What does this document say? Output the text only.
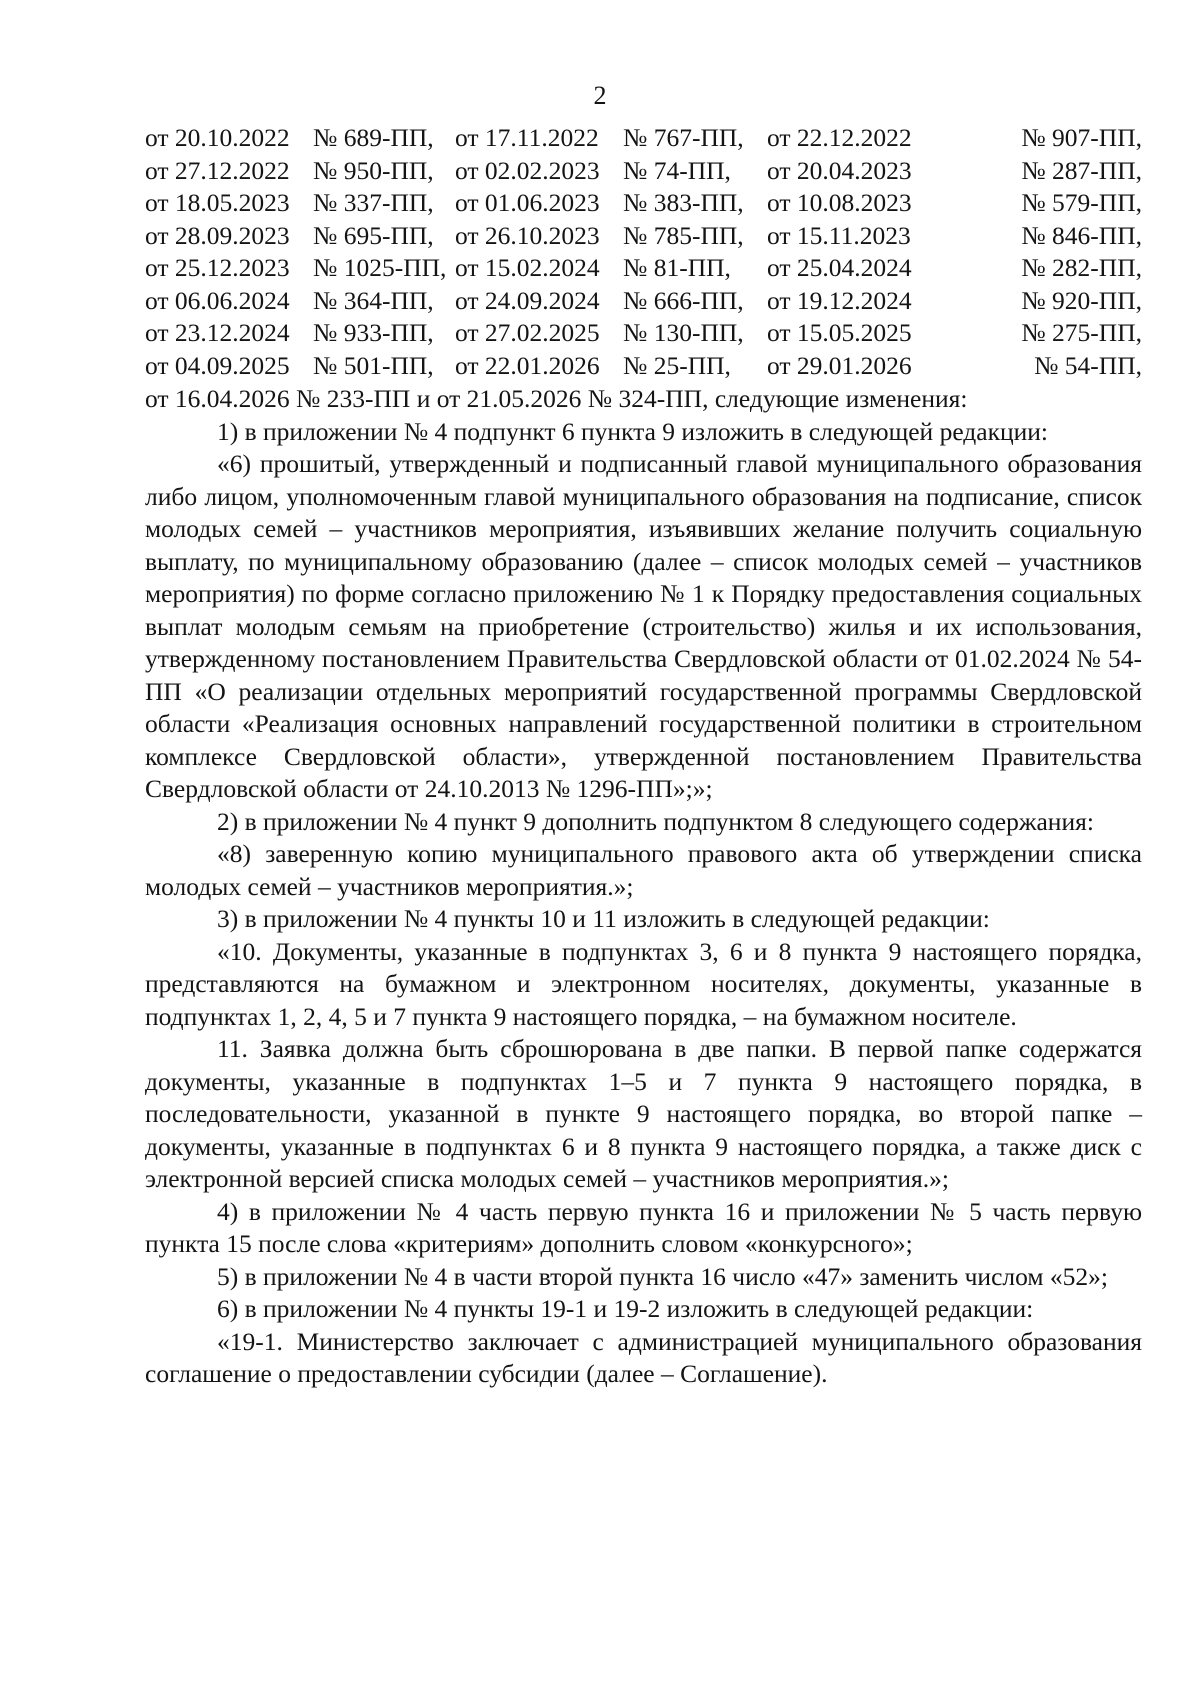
2
от 20.10.2022 № 689-ПП, от 17.11.2022 № 767-ПП, от 22.12.2022	№ 907-ПП,
от 27.12.2022 № 950-ПП, от 02.02.2023 № 74-ПП, от 20.04.2023	№ 287-ПП,
от 18.05.2023 № 337-ПП, от 01.06.2023 № 383-ПП, от 10.08.2023	№ 579-ПП,
от 28.09.2023 № 695-ПП, от 26.10.2023 № 785-ПП, от 15.11.2023	№ 846-ПП,
от 25.12.2023 № 1025-ПП, от 15.02.2024 № 81-ПП, от 25.04.2024	№ 282-ПП,
от 06.06.2024 № 364-ПП, от 24.09.2024 № 666-ПП, от 19.12.2024	№ 920-ПП,
от 23.12.2024 № 933-ПП, от 27.02.2025 № 130-ПП, от 15.05.2025	№ 275-ПП,
от 04.09.2025 № 501-ПП, от 22.01.2026 № 25-ПП, от 29.01.2026	№ 54-ПП,

от 16.04.2026 № 233-ПП и от 21.05.2026 № 324-ПП, следующие изменения:

1) в приложении № 4 подпункт 6 пункта 9 изложить в следующей редакции:

«6) прошитый, утвержденный и подписанный главой муниципального образования либо лицом, уполномоченным главой муниципального образования на подписание, список молодых семей – участников мероприятия, изъявивших желание получить социальную выплату, по муниципальному образованию (далее – список молодых семей – участников мероприятия) по форме согласно приложению № 1 к Порядку предоставления социальных выплат молодым семьям на приобретение (строительство) жилья и их использования, утвержденному постановлением Правительства Свердловской области от 01.02.2024 № 54-ПП «О реализации отдельных мероприятий государственной программы Свердловской области «Реализация основных направлений государственной политики в строительном комплексе Свердловской области», утвержденной постановлением Правительства Свердловской области от 24.10.2013 № 1296-ПП»;»;

2) в приложении № 4 пункт 9 дополнить подпунктом 8 следующего содержания:

«8) заверенную копию муниципального правового акта об утверждении списка молодых семей – участников мероприятия.»;

3) в приложении № 4 пункты 10 и 11 изложить в следующей редакции:

«10. Документы, указанные в подпунктах 3, 6 и 8 пункта 9 настоящего порядка, представляются на бумажном и электронном носителях, документы, указанные в подпунктах 1, 2, 4, 5 и 7 пункта 9 настоящего порядка, – на бумажном носителе.

11. Заявка должна быть сброшюрована в две папки. В первой папке содержатся документы, указанные в подпунктах 1–5 и 7 пункта 9 настоящего порядка, в последовательности, указанной в пункте 9 настоящего порядка, во второй папке – документы, указанные в подпунктах 6 и 8 пункта 9 настоящего порядка, а также диск с электронной версией списка молодых семей – участников мероприятия.»;

4) в приложении № 4 часть первую пункта 16 и приложении № 5 часть первую пункта 15 после слова «критериям» дополнить словом «конкурсного»;

5) в приложении № 4 в части второй пункта 16 число «47» заменить числом «52»;

6) в приложении № 4 пункты 19-1 и 19-2 изложить в следующей редакции:

«19-1. Министерство заключает с администрацией муниципального образования соглашение о предоставлении субсидии (далее – Соглашение).
